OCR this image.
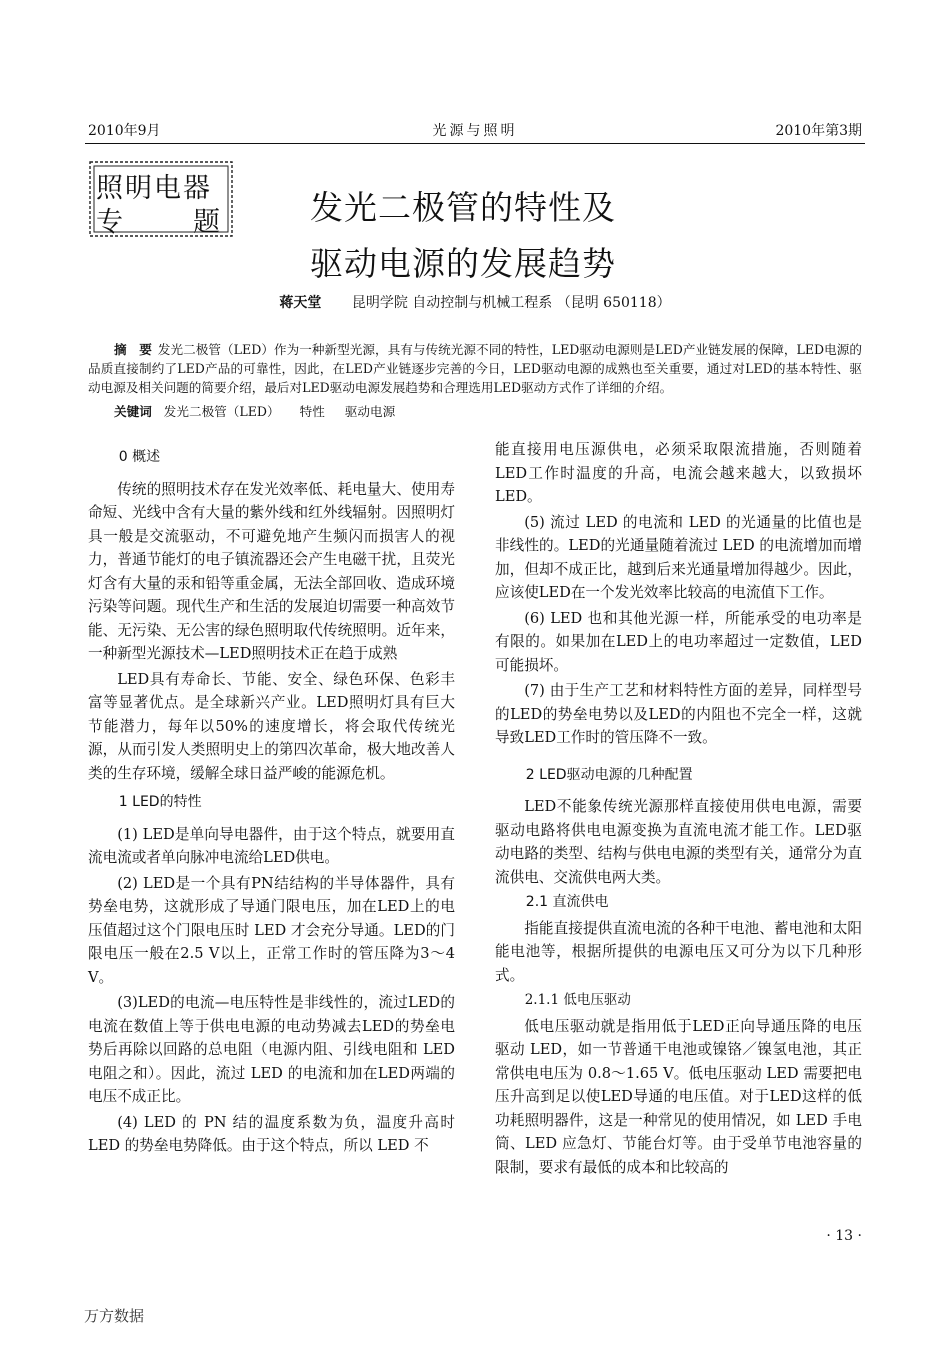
2010年9月	光源与照明	2010年第3期
照明电器
专	题	发光二极管的特性及
驱动电源的发展趋势
蒋天堂 昆明学院 自动控制与机械工程系 （昆明 650118）
摘　要 发光二极管（LED）作为一种新型光源，具有与传统光源不同的特性，LED驱动电源则是LED产业链发展的保障，LED电源的品质直接制约了LED产品的可靠性，因此，在LED产业链逐步完善的今日，LED驱动电源的成熟也至关重要，通过对LED的基本特性、驱动电源及相关问题的简要介绍，最后对LED驱动电源发展趋势和合理选用LED驱动方式作了详细的介绍。
关键词 发光二极管（LED） 特性 驱动电源
0 概述

传统的照明技术存在发光效率低、耗电量大、使用寿命短、光线中含有大量的紫外线和红外线辐射。因照明灯具一般是交流驱动，不可避免地产生频闪而损害人的视力，普通节能灯的电子镇流器还会产生电磁干扰，且荧光灯含有大量的汞和铅等重金属，无法全部回收、造成环境污染等问题。现代生产和生活的发展迫切需要一种高效节能、无污染、无公害的绿色照明取代传统照明。近年来，一种新型光源技术—LED照明技术正在趋于成熟

LED具有寿命长、节能、安全、绿色环保、色彩丰富等显著优点。是全球新兴产业。LED照明灯具有巨大节能潜力，每年以50%的速度增长，将会取代传统光源，从而引发人类照明史上的第四次革命，极大地改善人类的生存环境，缓解全球日益严峻的能源危机。

1 LED的特性

(1) LED是单向导电器件，由于这个特点，就要用直流电流或者单向脉冲电流给LED供电。

(2) LED是一个具有PN结结构的半导体器件，具有势垒电势，这就形成了导通门限电压，加在LED上的电压值超过这个门限电压时 LED 才会充分导通。LED的门限电压一般在2.5 V以上，正常工作时的管压降为3～4 V。

(3)LED的电流—电压特性是非线性的，流过LED的电流在数值上等于供电电源的电动势减去LED的势垒电势后再除以回路的总电阻（电源内阻、引线电阻和 LED 电阻之和）。因此，流过 LED 的电流和加在LED两端的电压不成正比。

(4) LED 的 PN 结的温度系数为负，温度升高时LED 的势垒电势降低。由于这个特点，所以 LED 不

能直接用电压源供电，必须采取限流措施，否则随着LED工作时温度的升高，电流会越来越大，以致损坏LED。

(5) 流过 LED 的电流和 LED 的光通量的比值也是非线性的。LED的光通量随着流过 LED 的电流增加而增加，但却不成正比，越到后来光通量增加得越少。因此，应该使LED在一个发光效率比较高的电流值下工作。

(6) LED 也和其他光源一样，所能承受的电功率是有限的。如果加在LED上的电功率超过一定数值，LED可能损坏。

(7) 由于生产工艺和材料特性方面的差异，同样型号的LED的势垒电势以及LED的内阻也不完全一样，这就导致LED工作时的管压降不一致。

2 LED驱动电源的几种配置

LED不能象传统光源那样直接使用供电电源，需要驱动电路将供电电源变换为直流电流才能工作。LED驱动电路的类型、结构与供电电源的类型有关，通常分为直流供电、交流供电两大类。

2.1 直流供电

指能直接提供直流电流的各种干电池、蓄电池和太阳能电池等，根据所提供的电源电压又可分为以下几种形式。

2.1.1 低电压驱动

低电压驱动就是指用低于LED正向导通压降的电压驱动 LED，如一节普通干电池或镍铬／镍氢电池，其正常供电电压为 0.8～1.65 V。低电压驱动 LED 需要把电压升高到足以使LED导通的电压值。对于LED这样的低功耗照明器件，这是一种常见的使用情况，如 LED 手电筒、LED 应急灯、节能台灯等。由于受单节电池容量的限制，要求有最低的成本和比较高的

· 13 ·
万方数据
